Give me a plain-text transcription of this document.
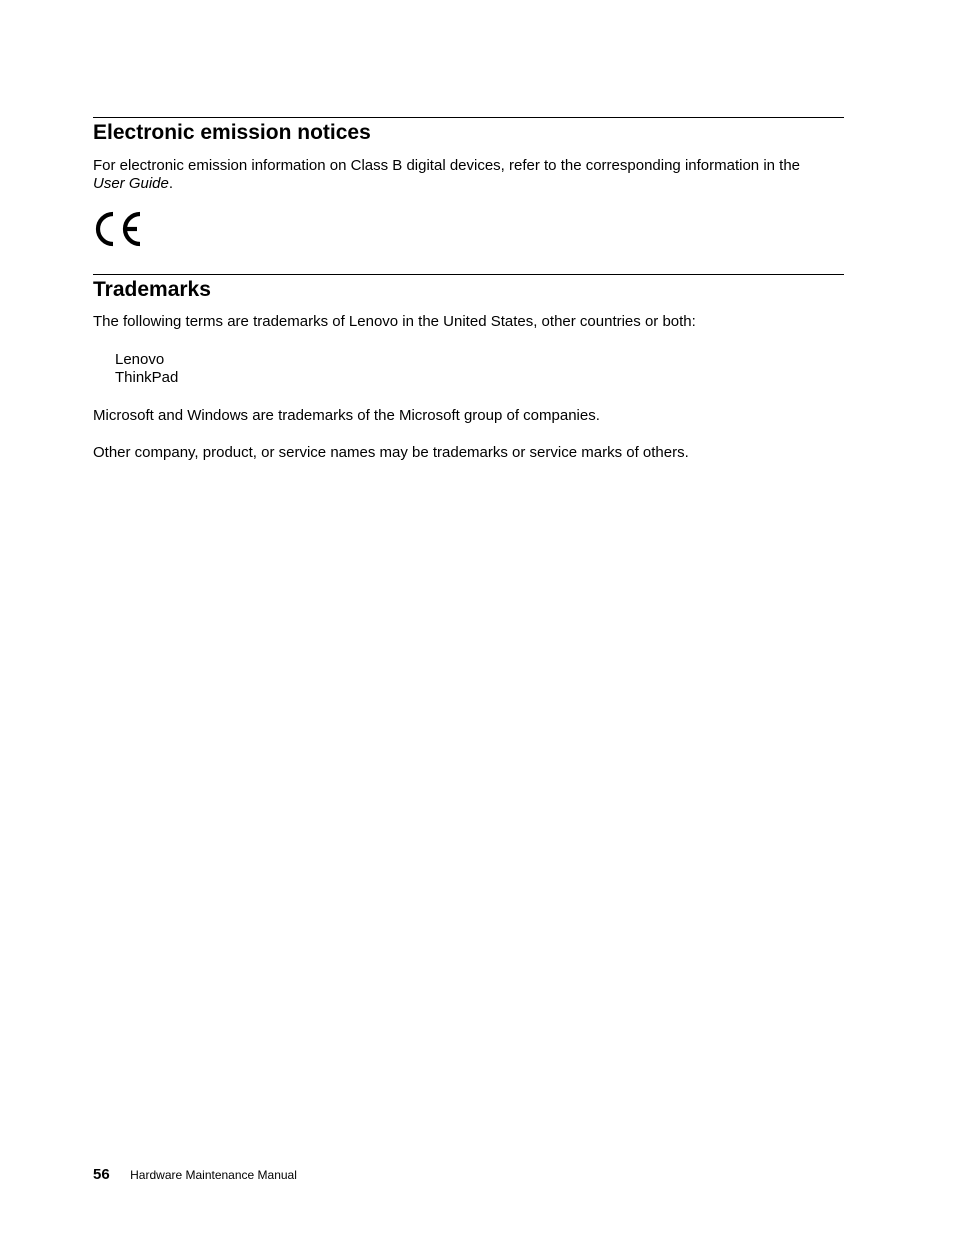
Electronic emission notices

For electronic emission information on Class B digital devices, refer to the corresponding information in the User Guide.

Trademarks

The following terms are trademarks of Lenovo in the United States, other countries or both:

Lenovo
ThinkPad

Microsoft and Windows are trademarks of the Microsoft group of companies.

Other company, product, or service names may be trademarks or service marks of others.

56 Hardware Maintenance Manual
